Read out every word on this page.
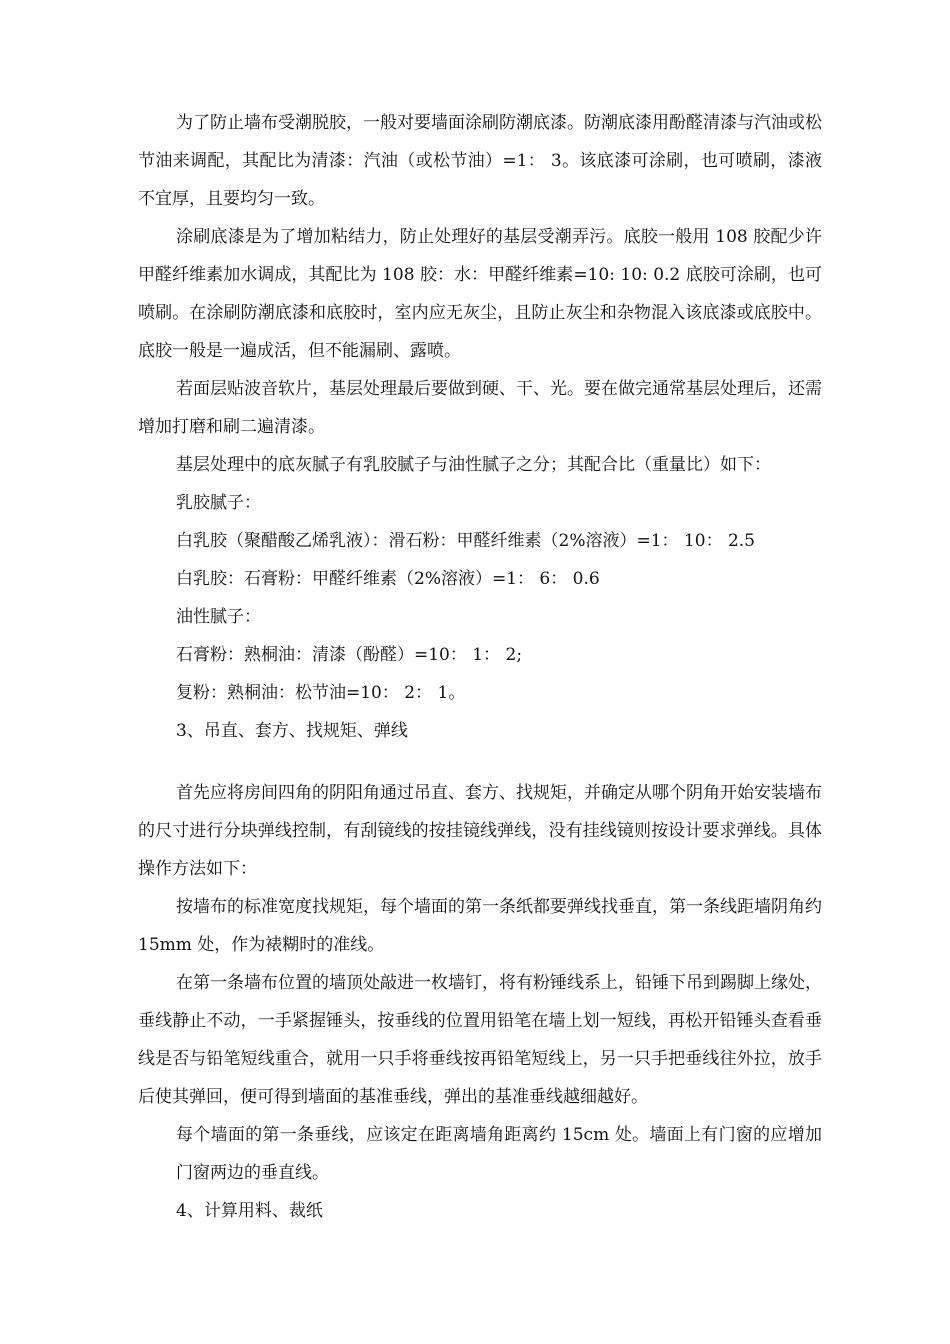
为了防止墙布受潮脱胶，一般对要墙面涂刷防潮底漆。防潮底漆用酚醛清漆与汽油或松节油来调配，其配比为清漆：汽油（或松节油）=1： 3。该底漆可涂刷，也可喷刷，漆液不宜厚，且要均匀一致。

涂刷底漆是为了增加粘结力，防止处理好的基层受潮弄污。底胶一般用 108 胶配少许甲醛纤维素加水调成，其配比为 108 胶：水：甲醛纤维素=10: 10: 0.2 底胶可涂刷，也可喷刷。在涂刷防潮底漆和底胶时，室内应无灰尘，且防止灰尘和杂物混入该底漆或底胶中。底胶一般是一遍成活，但不能漏刷、露喷。

若面层贴波音软片，基层处理最后要做到硬、干、光。要在做完通常基层处理后，还需增加打磨和刷二遍清漆。

基层处理中的底灰腻子有乳胶腻子与油性腻子之分；其配合比（重量比）如下：

乳胶腻子：

白乳胶（聚醋酸乙烯乳液）：滑石粉：甲醛纤维素（2%溶液）=1： 10： 2.5

白乳胶：石膏粉：甲醛纤维素（2%溶液）=1： 6： 0.6

油性腻子：

石膏粉：熟桐油：清漆（酚醛）=10： 1： 2;

复粉：熟桐油：松节油=10： 2： 1。

3、吊直、套方、找规矩、弹线

首先应将房间四角的阴阳角通过吊直、套方、找规矩，并确定从哪个阴角开始安装墙布的尺寸进行分块弹线控制，有刮镜线的按挂镜线弹线，没有挂线镜则按设计要求弹线。具体操作方法如下：

按墙布的标准宽度找规矩，每个墙面的第一条纸都要弹线找垂直，第一条线距墙阴角约 15mm 处，作为裱糊时的准线。

在第一条墙布位置的墙顶处敲进一枚墙钉，将有粉锤线系上，铅锤下吊到踢脚上缘处，垂线静止不动，一手紧握锤头，按垂线的位置用铅笔在墙上划一短线，再松开铅锤头查看垂线是否与铅笔短线重合，就用一只手将垂线按再铅笔短线上，另一只手把垂线往外拉，放手后使其弹回，便可得到墙面的基准垂线，弹出的基准垂线越细越好。

每个墙面的第一条垂线，应该定在距离墙角距离约 15cm 处。墙面上有门窗的应增加门窗两边的垂直线。

4、计算用料、裁纸
